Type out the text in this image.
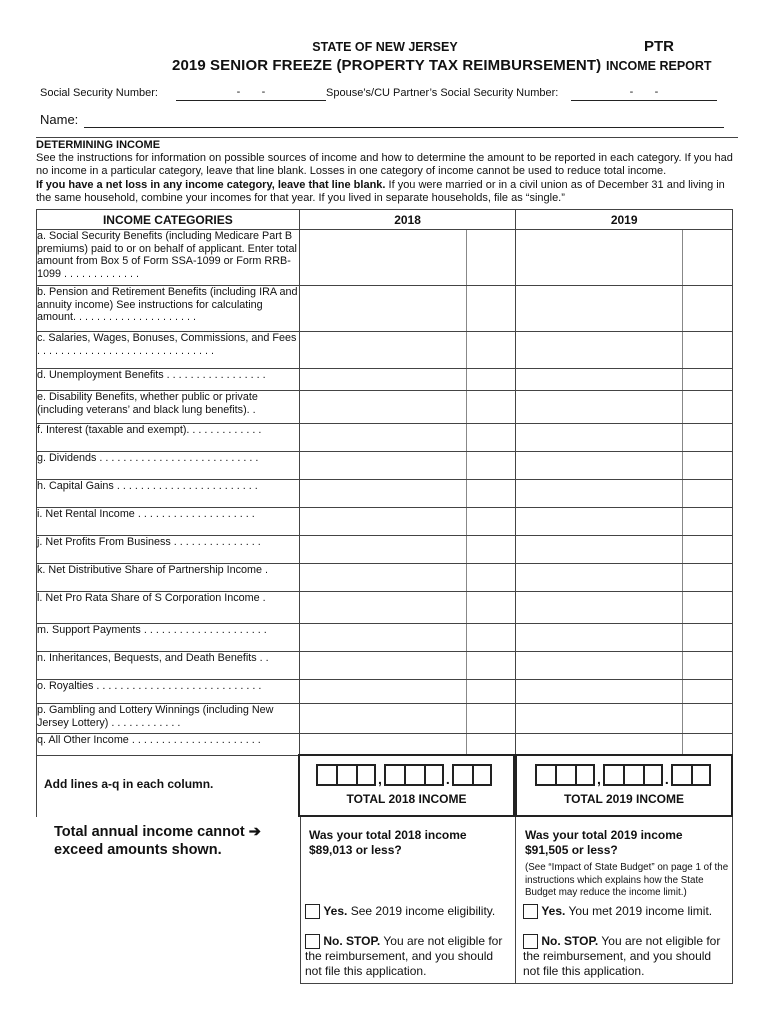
STATE OF NEW JERSEY	PTR
2019 SENIOR FREEZE (PROPERTY TAX REIMBURSEMENT) INCOME REPORT
Social Security Number:	-       -	Spouse’s/CU Partner’s Social Security Number:	-       -
Name:
DETERMINING INCOME
See the instructions for information on possible sources of income and how to determine the amount to be reported in each category. If you had no income in a particular category, leave that line blank. Losses in one category of income cannot be used to reduce total income.
If you have a net loss in any income category, leave that line blank. If you were married or in a civil union as of December 31 and living in the same household, combine your incomes for that year. If you lived in separate households, file as “single.”
INCOME CATEGORIES	2018	2019
a. Social Security Benefits (including Medicare Part B premiums) paid to or on behalf of applicant. Enter total amount from Box 5 of Form SSA-1099 or Form RRB-1099 . . . . . . . . . . . . .	

b. Pension and Retirement Benefits (including IRA and annuity income) See instructions for calculating amount. . . . . . . . . . . . . . . . . . . . .	

c. Salaries, Wages, Bonuses, Commissions, and Fees . . . . . . . . . . . . . . . . . . . . . . . . . . . . . .	

d. Unemployment Benefits . . . . . . . . . . . . . . . . .	

e. Disability Benefits, whether public or private (including veterans’ and black lung benefits). .	

f. Interest (taxable and exempt). . . . . . . . . . . . .	

g. Dividends . . . . . . . . . . . . . . . . . . . . . . . . . . .	

h. Capital Gains . . . . . . . . . . . . . . . . . . . . . . . .	

i. Net Rental Income . . . . . . . . . . . . . . . . . . . .	

j. Net Profits From Business . . . . . . . . . . . . . . .	

k. Net Distributive Share of Partnership Income .	

l. Net Pro Rata Share of S Corporation Income .	

m. Support Payments . . . . . . . . . . . . . . . . . . . . .	

n. Inheritances, Bequests, and Death Benefits . .	

o. Royalties . . . . . . . . . . . . . . . . . . . . . . . . . . . .	

p. Gambling and Lottery Winnings (including New Jersey Lottery) . . . . . . . . . . . .	

q. All Other Income . . . . . . . . . . . . . . . . . . . . . .	

Add lines a-q in each column.	,	.
TOTAL 2018 INCOME
,	.
TOTAL 2019 INCOME
Total annual income cannot ➔ exceed amounts shown.
Was your total 2018 income $89,013 or less?
Was your total 2019 income $91,505 or less?
(See “Impact of State Budget” on page 1 of the instructions which explains how the State Budget may reduce the income limit.)
Yes. See 2019 income eligibility.	Yes. You met 2019 income limit.
No. STOP. You are not eligible for the reimbursement, and you should not file this application.
No. STOP. You are not eligible for the reimbursement, and you should not file this application.
